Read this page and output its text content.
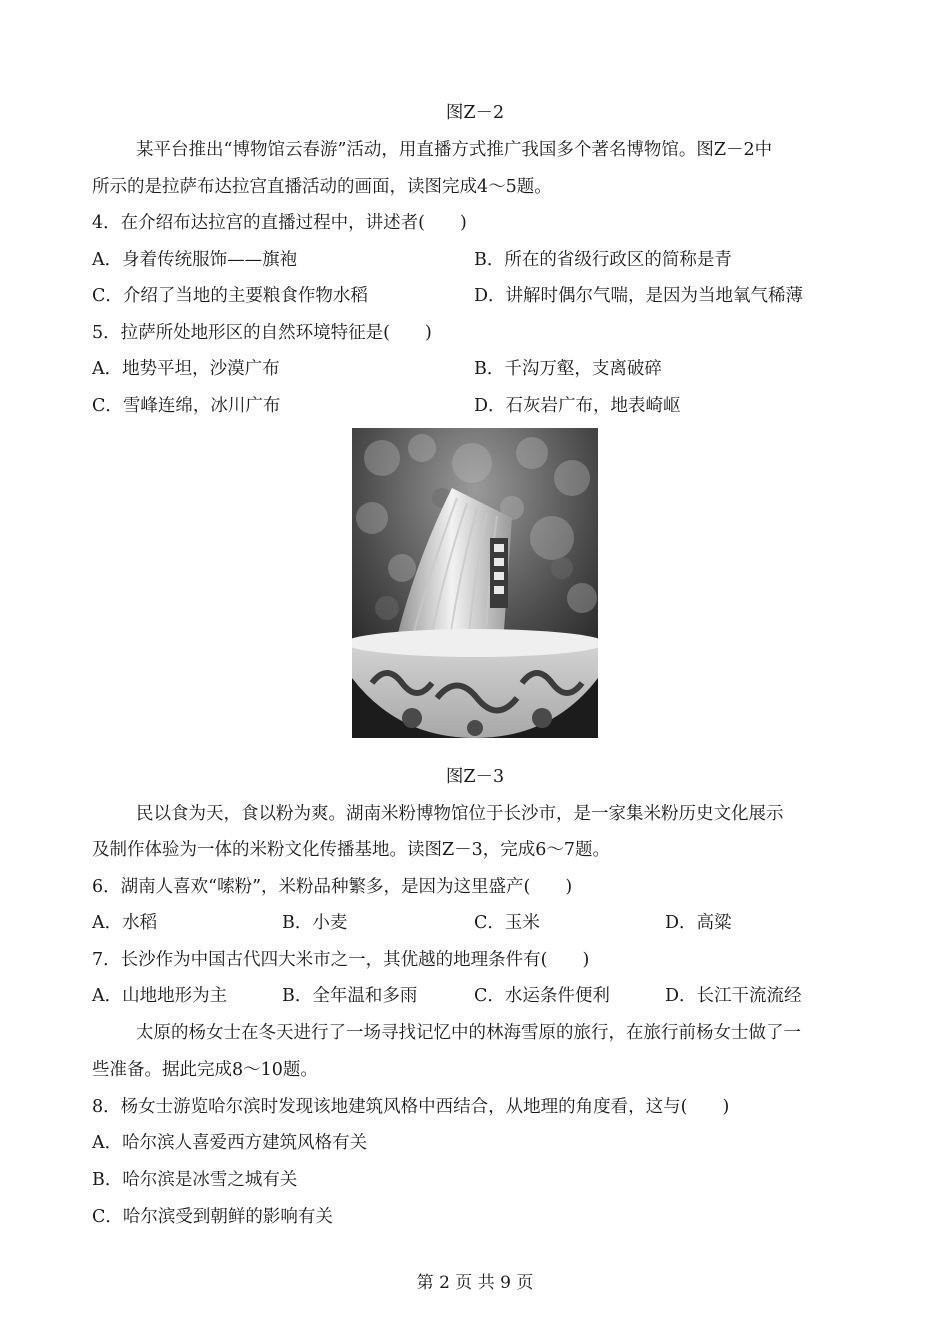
图Z－2
某平台推出“博物馆云春游”活动，用直播方式推广我国多个著名博物馆。图Z－2中
所示的是拉萨布达拉宫直播活动的画面，读图完成4～5题。
4．在介绍布达拉宫的直播过程中，讲述者(　　)
A．身着传统服饰——旗袍	B．所在的省级行政区的简称是青
C．介绍了当地的主要粮食作物水稻	D．讲解时偶尔气喘，是因为当地氧气稀薄
5．拉萨所处地形区的自然环境特征是(　　)
A．地势平坦，沙漠广布	B．千沟万壑，支离破碎
C．雪峰连绵，冰川广布	D．石灰岩广布，地表崎岖
图Z－3
民以食为天，食以粉为爽。湖南米粉博物馆位于长沙市，是一家集米粉历史文化展示
及制作体验为一体的米粉文化传播基地。读图Z－3，完成6～7题。
6．湖南人喜欢“嗦粉”，米粉品种繁多，是因为这里盛产(　　)
A．水稻	B．小麦	C．玉米	D．高粱
7．长沙作为中国古代四大米市之一，其优越的地理条件有(　　)
A．山地地形为主	B．全年温和多雨	C．水运条件便利	D．长江干流流经
太原的杨女士在冬天进行了一场寻找记忆中的林海雪原的旅行，在旅行前杨女士做了一
些准备。据此完成8～10题。
8．杨女士游览哈尔滨时发现该地建筑风格中西结合，从地理的角度看，这与(　　)
A．哈尔滨人喜爱西方建筑风格有关
B．哈尔滨是冰雪之城有关
C．哈尔滨受到朝鲜的影响有关
第 2 页 共 9 页
